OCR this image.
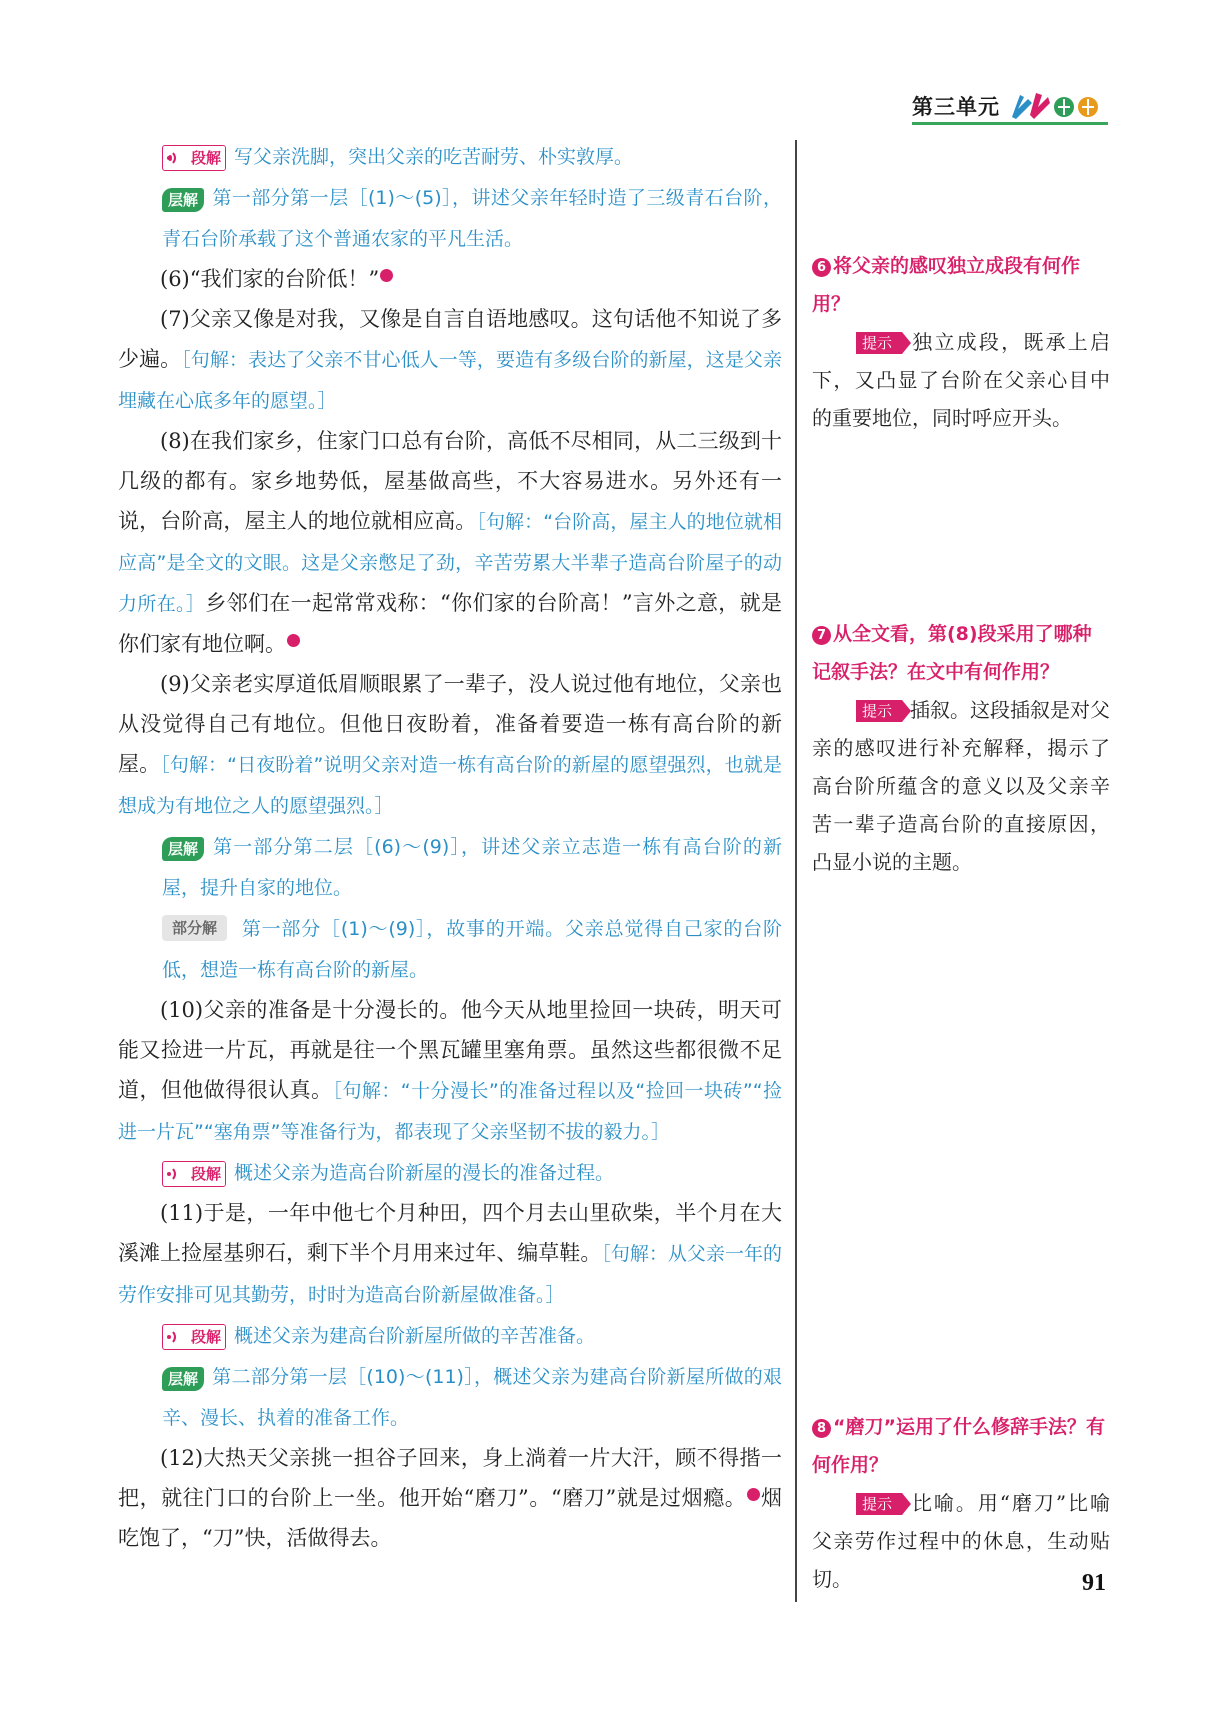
第三单元

段解 写父亲洗脚，突出父亲的吃苦耐劳、朴实敦厚。

层解 第一部分第一层［(1)～(5)］，讲述父亲年轻时造了三级青石台阶，青石台阶承载了这个普通农家的平凡生活。

(6)“我们家的台阶低！”	6

(7)父亲又像是对我，又像是自言自语地感叹。这句话他不知说了多少遍。［句解：表达了父亲不甘心低人一等，要造有多级台阶的新屋，这是父亲埋藏在心底多年的愿望。］

(8)在我们家乡，住家门口总有台阶，高低不尽相同，从二三级到十几级的都有。家乡地势低，屋基做高些，不大容易进水。另外还有一说，台阶高，屋主人的地位就相应高。［句解：“台阶高，屋主人的地位就相应高”是全文的文眼。这是父亲憋足了劲，辛苦劳累大半辈子造高台阶屋子的动力所在。］乡邻们在一起常常戏称：“你们家的台阶高！”言外之意，就是你们家有地位啊。	7

(9)父亲老实厚道低眉顺眼累了一辈子，没人说过他有地位，父亲也从没觉得自己有地位。但他日夜盼着，准备着要造一栋有高台阶的新屋。［句解：“日夜盼着”说明父亲对造一栋有高台阶的新屋的愿望强烈，也就是想成为有地位之人的愿望强烈。］

层解 第一部分第二层［(6)～(9)］，讲述父亲立志造一栋有高台阶的新屋，提升自家的地位。

部分解 第一部分［(1)～(9)］，故事的开端。父亲总觉得自己家的台阶低，想造一栋有高台阶的新屋。

(10)父亲的准备是十分漫长的。他今天从地里捡回一块砖，明天可能又捡进一片瓦，再就是往一个黑瓦罐里塞角票。虽然这些都很微不足道，但他做得很认真。［句解：“十分漫长”的准备过程以及“捡回一块砖”“捡进一片瓦”“塞角票”等准备行为，都表现了父亲坚韧不拔的毅力。］

段解 概述父亲为造高台阶新屋的漫长的准备过程。

(11)于是，一年中他七个月种田，四个月去山里砍柴，半个月在大溪滩上捡屋基卵石，剩下半个月用来过年、编草鞋。［句解：从父亲一年的劳作安排可见其勤劳，时时为造高台阶新屋做准备。］

段解 概述父亲为建高台阶新屋所做的辛苦准备。

层解 第二部分第一层［(10)～(11)］，概述父亲为建高台阶新屋所做的艰辛、漫长、执着的准备工作。

(12)大热天父亲挑一担谷子回来，身上淌着一片大汗，顾不得揩一把，就往门口的台阶上一坐。他开始“磨刀”。“磨刀”就是过烟瘾。	8烟吃饱了，“刀”快，活做得去。

6 将父亲的感叹独立成段有何作用？
提示 独立成段，既承上启下，又凸显了台阶在父亲心目中的重要地位，同时呼应开头。
7 从全文看，第(8)段采用了哪种记叙手法？在文中有何作用？
提示 插叙。这段插叙是对父亲的感叹进行补充解释，揭示了高台阶所蕴含的意义以及父亲辛苦一辈子造高台阶的直接原因，凸显小说的主题。
8 “磨刀”运用了什么修辞手法？有何作用？
提示 比喻。用“磨刀”比喻父亲劳作过程中的休息，生动贴切。	91
